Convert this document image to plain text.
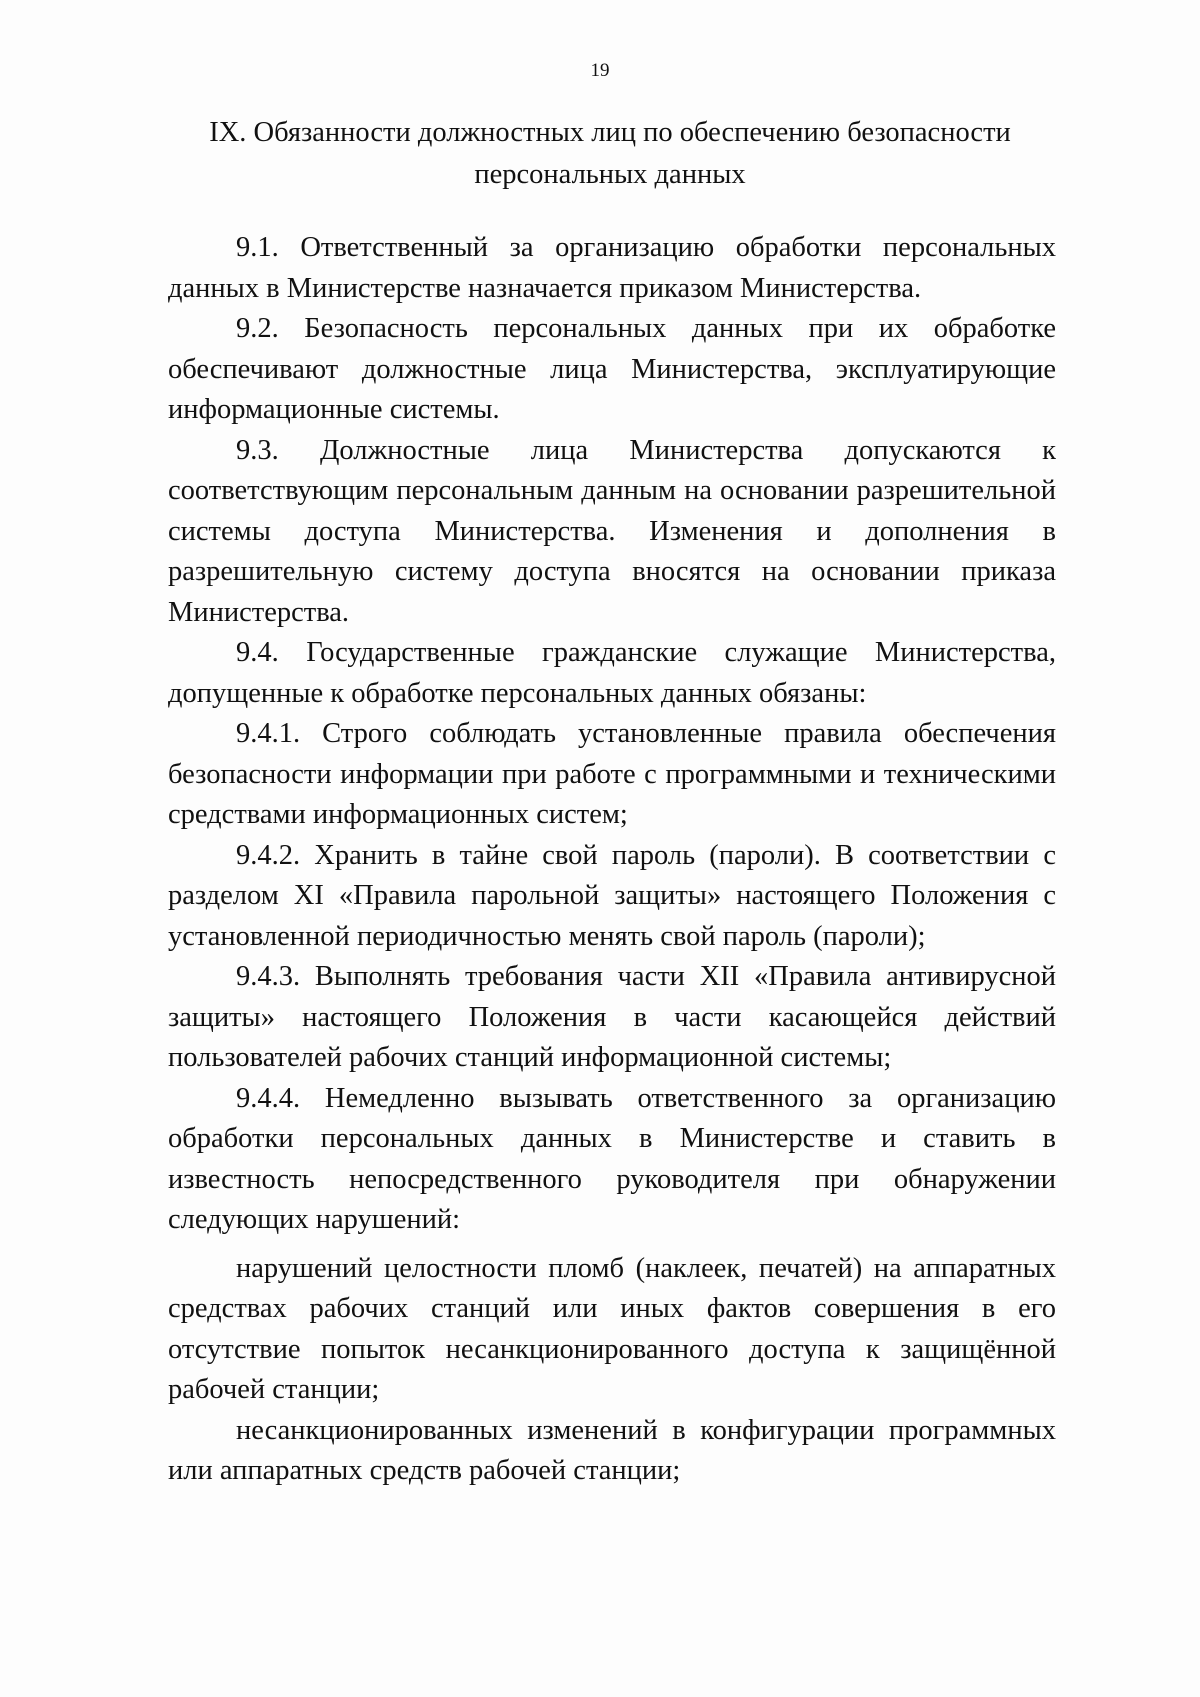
19
IX. Обязанности должностных лиц по обеспечению безопасности персональных данных

9.1. Ответственный за организацию обработки персональных данных в Министерстве назначается приказом Министерства.

9.2. Безопасность персональных данных при их обработке обеспечивают должностные лица Министерства, эксплуатирующие информационные системы.

9.3. Должностные лица Министерства допускаются к соответствующим персональным данным на основании разрешительной системы доступа Министерства. Изменения и дополнения в разрешительную систему доступа вносятся на основании приказа Министерства.

9.4. Государственные гражданские служащие Министерства, допущенные к обработке персональных данных обязаны:

9.4.1. Строго соблюдать установленные правила обеспечения безопасности информации при работе с программными и техническими средствами информационных систем;

9.4.2. Хранить в тайне свой пароль (пароли). В соответствии с разделом XI «Правила парольной защиты» настоящего Положения с установленной периодичностью менять свой пароль (пароли);

9.4.3. Выполнять требования части XII «Правила антивирусной защиты» настоящего Положения в части касающейся действий пользователей рабочих станций информационной системы;

9.4.4. Немедленно вызывать ответственного за организацию обработки персональных данных в Министерстве и ставить в известность непосредственного руководителя при обнаружении следующих нарушений:

нарушений целостности пломб (наклеек, печатей) на аппаратных средствах рабочих станций или иных фактов совершения в его отсутствие попыток несанкционированного доступа к защищённой рабочей станции;

несанкционированных изменений в конфигурации программных или аппаратных средств рабочей станции;
